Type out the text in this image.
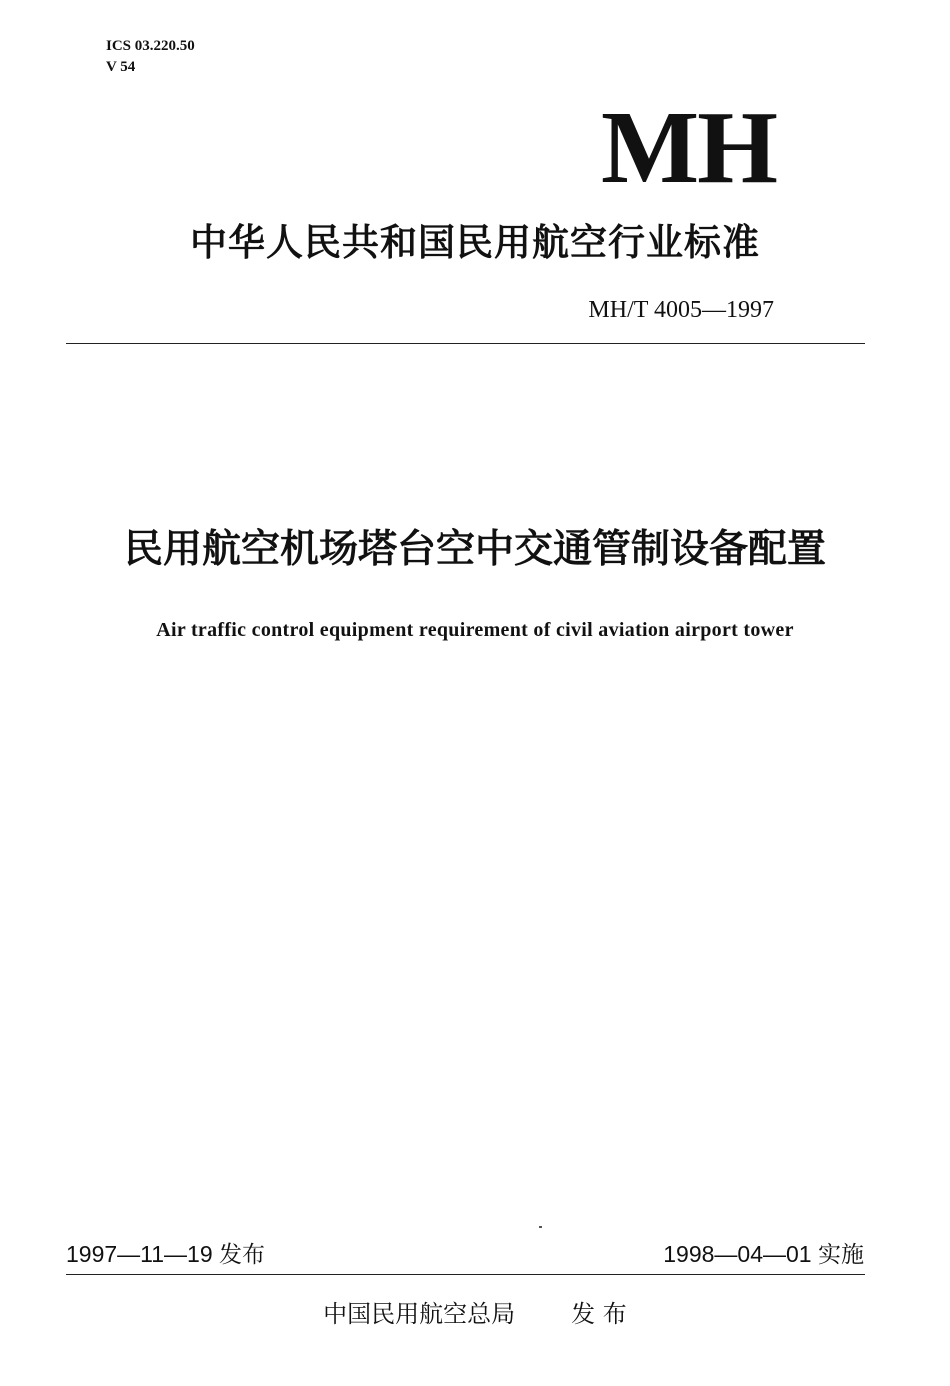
ICS 03.220.50
V 54
MH
中华人民共和国民用航空行业标准
MH/T 4005—1997
民用航空机场塔台空中交通管制设备配置
Air traffic control equipment requirement of civil aviation airport tower
1997—11—19 发布	1998—04—01 实施
中国民用航空总局 发 布
